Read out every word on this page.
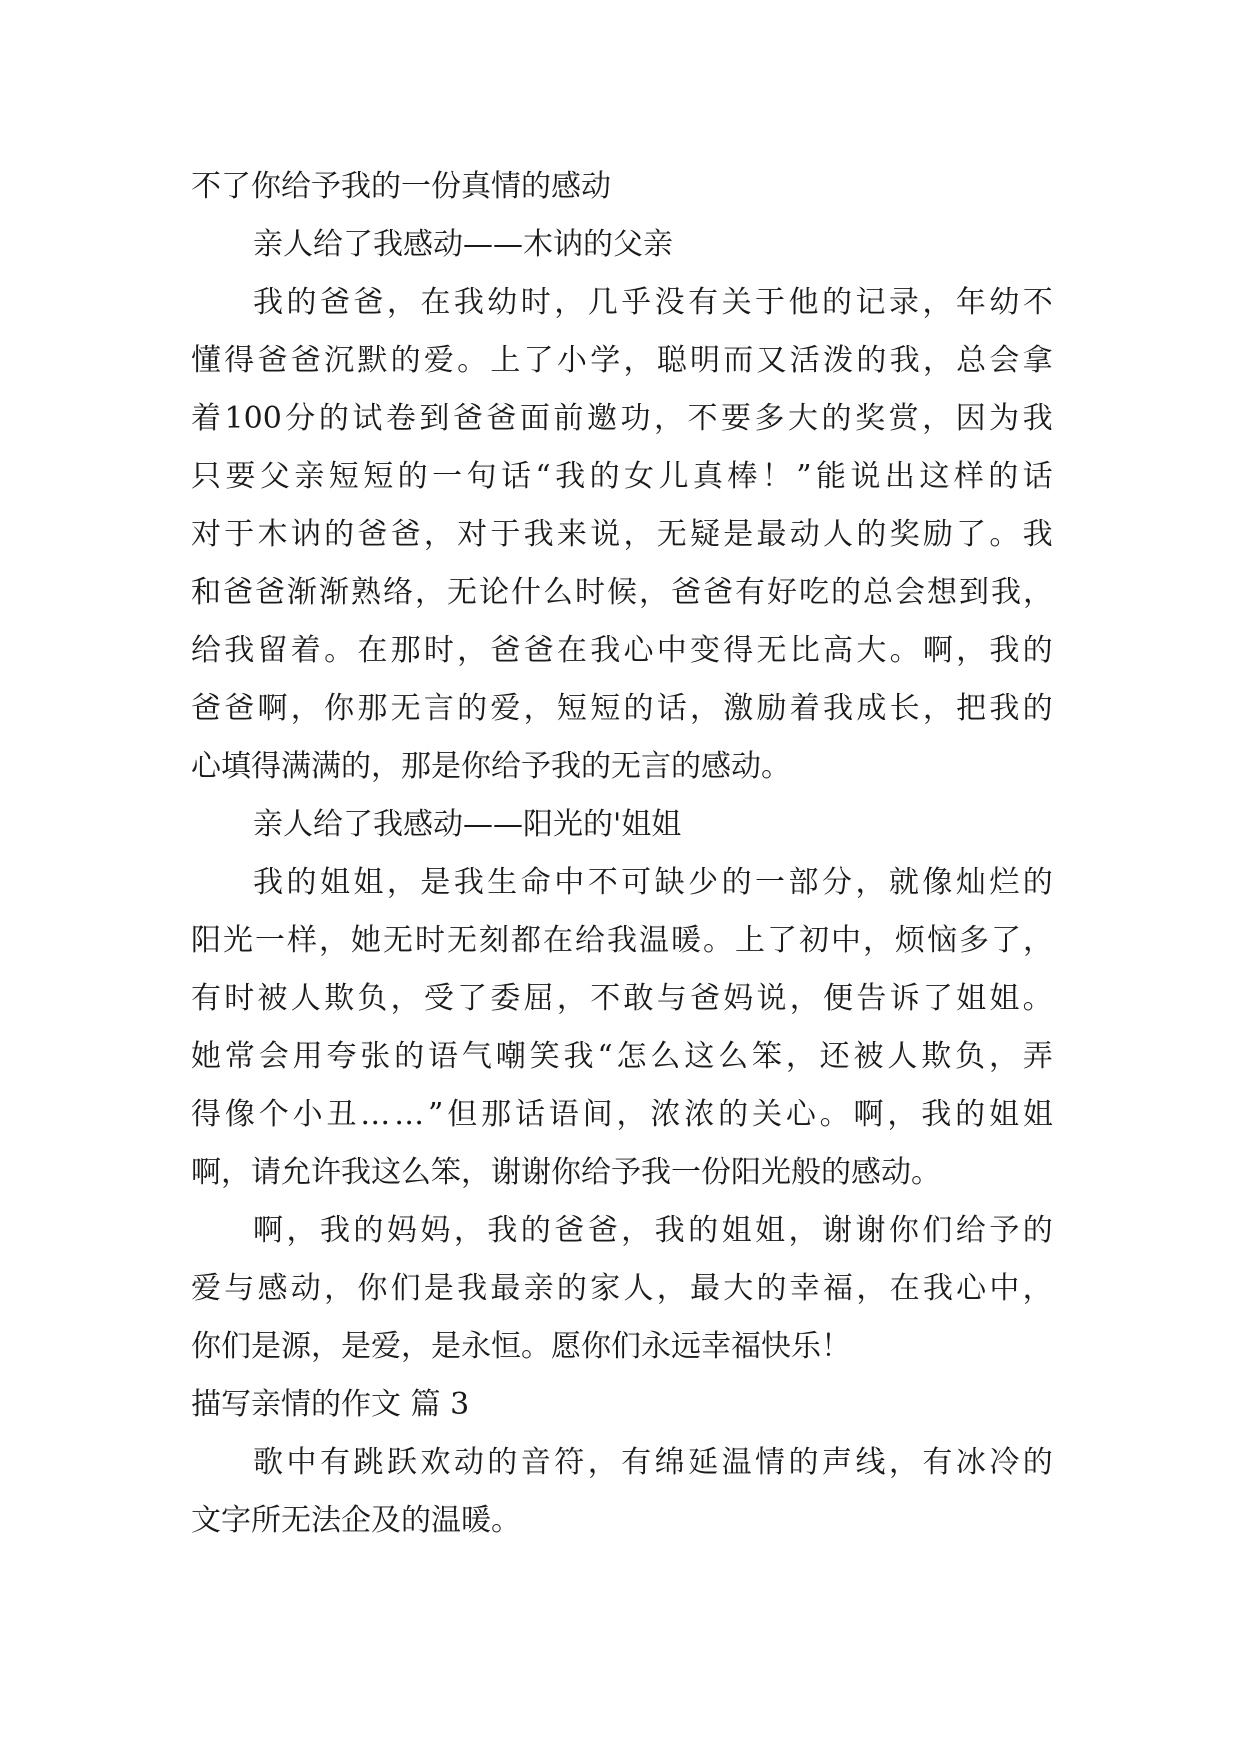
不了你给予我的一份真情的感动
亲人给了我感动——木讷的父亲
我 的 爸 爸 ， 在 我 幼 时 ， 几 乎 没 有 关 于 他 的 记 录 ， 年 幼 不
懂 得 爸 爸 沉 默 的 爱 。 上 了 小 学 ， 聪 明 而 又 活 泼 的 我 ， 总 会 拿
着 100 分 的 试 卷 到 爸 爸 面 前 邀 功 ， 不 要 多 大 的 奖 赏 ， 因 为 我
只 要 父 亲 短 短 的 一 句 话 “ 我 的 女 儿 真 棒 ！ ” 能 说 出 这 样 的 话
对 于 木 讷 的 爸 爸 ， 对 于 我 来 说 ， 无 疑 是 最 动 人 的 奖 励 了 。 我
和 爸 爸 渐 渐 熟 络 ， 无 论 什 么 时 候 ， 爸 爸 有 好 吃 的 总 会 想 到 我 ，
给 我 留 着 。 在 那 时 ， 爸 爸 在 我 心 中 变 得 无 比 高 大 。 啊 ， 我 的
爸 爸 啊 ， 你 那 无 言 的 爱 ， 短 短 的 话 ， 激 励 着 我 成 长 ， 把 我 的
心填得满满的，那是你给予我的无言的感动。
亲人给了我感动——阳光的'姐姐
我 的 姐 姐 ， 是 我 生 命 中 不 可 缺 少 的 一 部 分 ， 就 像 灿 烂 的
阳 光 一 样 ， 她 无 时 无 刻 都 在 给 我 温 暖 。 上 了 初 中 ， 烦 恼 多 了 ，
有 时 被 人 欺 负 ， 受 了 委 屈 ， 不 敢 与 爸 妈 说 ， 便 告 诉 了 姐 姐 。
她 常 会 用 夸 张 的 语 气 嘲 笑 我 “ 怎 么 这 么 笨 ， 还 被 人 欺 负 ， 弄
得 像 个 小 丑 … … ” 但 那 话 语 间 ， 浓 浓 的 关 心 。 啊 ， 我 的 姐 姐
啊，请允许我这么笨，谢谢你给予我一份阳光般的感动。
啊 ， 我 的 妈 妈 ， 我 的 爸 爸 ， 我 的 姐 姐 ， 谢 谢 你 们 给 予 的
爱 与 感 动 ， 你 们 是 我 最 亲 的 家 人 ， 最 大 的 幸 福 ， 在 我 心 中 ，
你们是源，是爱，是永恒。愿你们永远幸福快乐！
描写亲情的作文 篇 3
歌 中 有 跳 跃 欢 动 的 音 符 ， 有 绵 延 温 情 的 声 线 ， 有 冰 冷 的
文字所无法企及的温暖。
